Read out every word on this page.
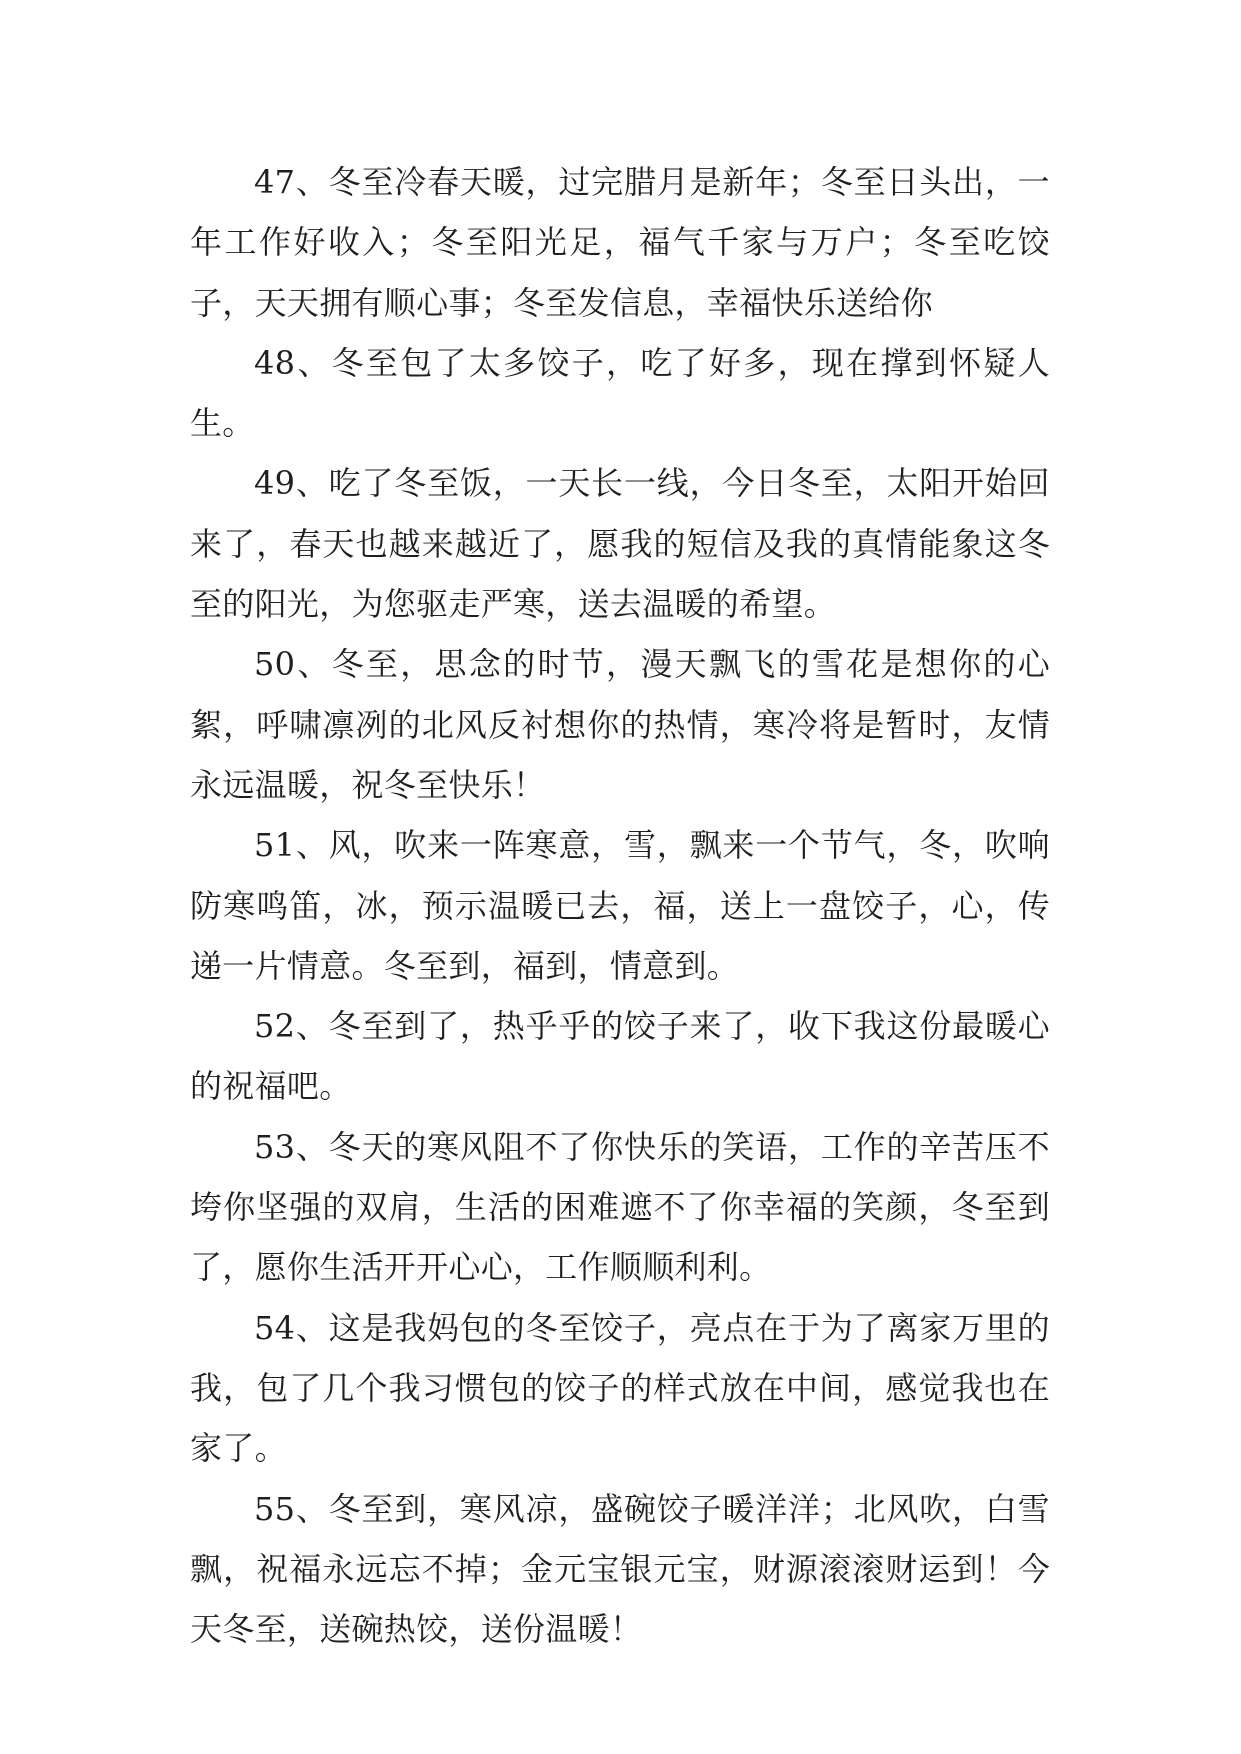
47、冬至冷春天暖，过完腊月是新年；冬至日头出，一年工作好收入；冬至阳光足，福气千家与万户；冬至吃饺子，天天拥有顺心事；冬至发信息，幸福快乐送给你

48、冬至包了太多饺子，吃了好多，现在撑到怀疑人生。

49、吃了冬至饭，一天长一线，今日冬至，太阳开始回来了，春天也越来越近了，愿我的短信及我的真情能象这冬至的阳光，为您驱走严寒，送去温暖的希望。

50、冬至，思念的时节，漫天飘飞的雪花是想你的心絮，呼啸凛冽的北风反衬想你的热情，寒冷将是暂时，友情永远温暖，祝冬至快乐！

51、风，吹来一阵寒意，雪，飘来一个节气，冬，吹响防寒鸣笛，冰，预示温暖已去，福，送上一盘饺子，心，传递一片情意。冬至到，福到，情意到。

52、冬至到了，热乎乎的饺子来了，收下我这份最暖心的祝福吧。

53、冬天的寒风阻不了你快乐的笑语，工作的辛苦压不垮你坚强的双肩，生活的困难遮不了你幸福的笑颜，冬至到了，愿你生活开开心心，工作顺顺利利。

54、这是我妈包的冬至饺子，亮点在于为了离家万里的我，包了几个我习惯包的饺子的样式放在中间，感觉我也在家了。

55、冬至到，寒风凉，盛碗饺子暖洋洋；北风吹，白雪飘，祝福永远忘不掉；金元宝银元宝，财源滚滚财运到！今天冬至，送碗热饺，送份温暖！
